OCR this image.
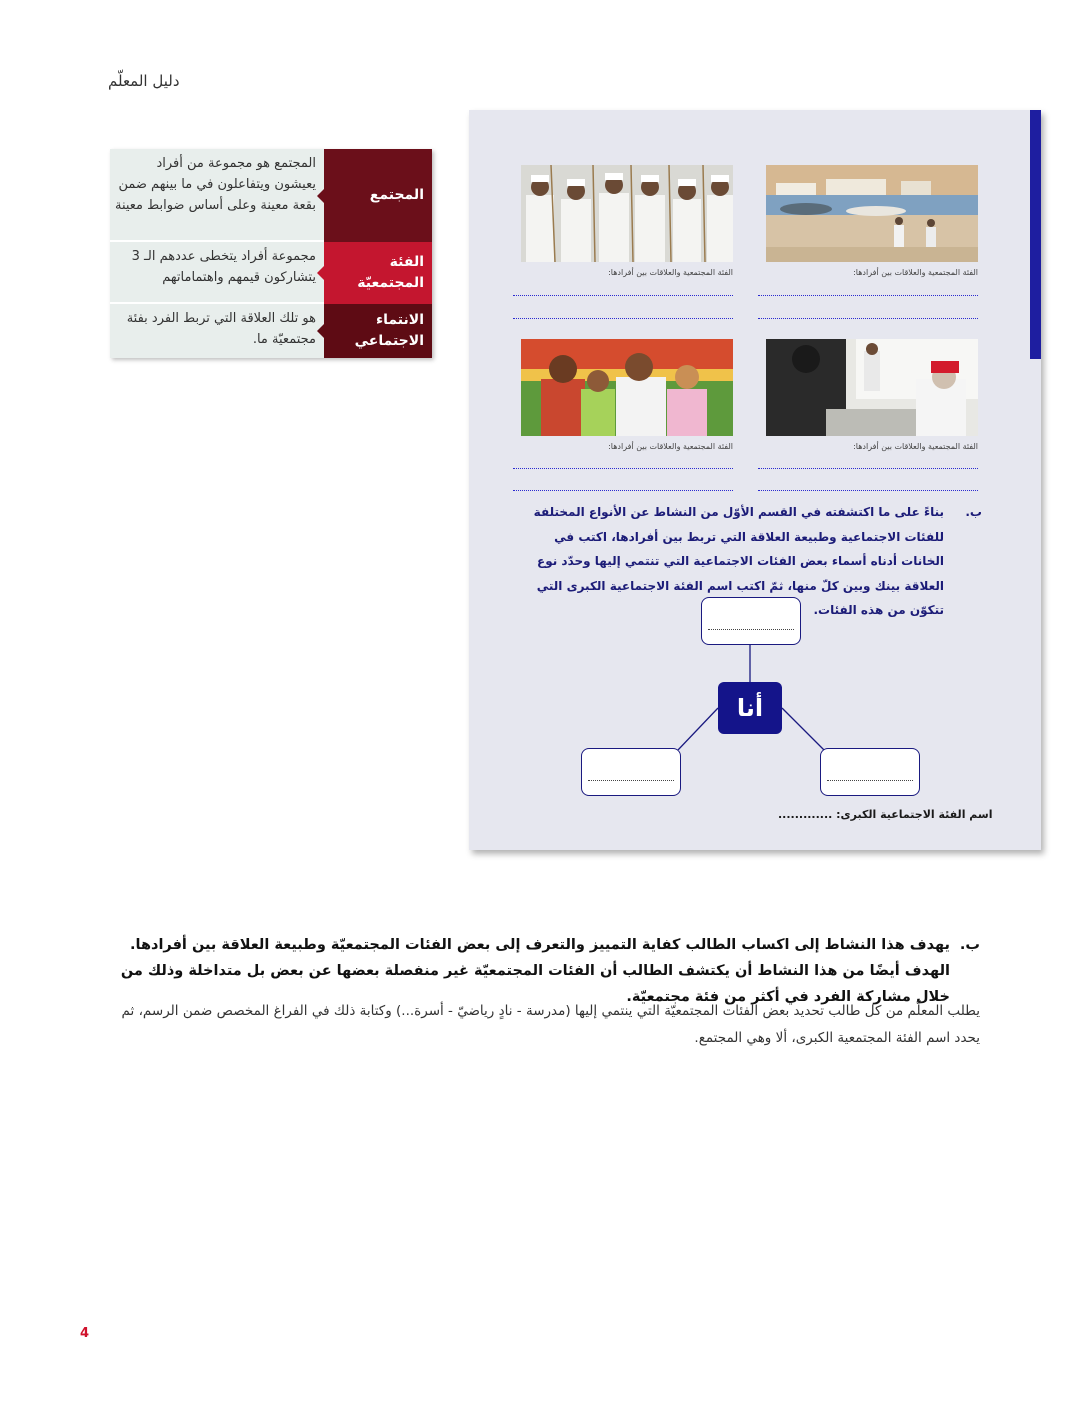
دليل المعلّم
المجتمع
المجتمع هو مجموعة من أفراد يعيشون ويتفاعلون في ما بينهم ضمن بقعة معينة وعلى أساس ضوابط معينة
الفئة المجتمعيّة
مجموعة أفراد يتخطى عددهم الـ 3 يتشاركون قيمهم واهتماماتهم
الانتماء الاجتماعي
هو تلك العلاقة التي تربط الفرد بفئة مجتمعيّة ما.
الفئة المجتمعية والعلاقات بين أفرادها:
الفئة المجتمعية والعلاقات بين أفرادها:
الفئة المجتمعية والعلاقات بين أفرادها:
الفئة المجتمعية والعلاقات بين أفرادها:
ب.
بناءً على ما اكتشفته في القسم الأوّل من النشاط عن الأنواع المختلفة للفئات الاجتماعية وطبيعة العلاقة التي تربط بين أفرادها، اكتب في الخانات أدناه أسماء بعض الفئات الاجتماعية التي تنتمي إليها وحدّد نوع العلاقة بينك وبين كلّ منها، ثمّ اكتب اسم الفئة الاجتماعية الكبرى التي تتكوّن من هذه الفئات.
أنا
اسم الفئة الاجتماعية الكبرى: .............
ب.
يهدف هذا النشاط إلى اكساب الطالب كفاية التمييز والتعرف إلى بعض الفئات المجتمعيّة وطبيعة العلاقة بين أفرادها. الهدف أيضًا من هذا النشاط أن يكتشف الطالب أن الفئات المجتمعيّة غير منفصلة بعضها عن بعض بل متداخلة وذلك من خلال مشاركة الفرد في أكثر من فئة مجتمعيّة.
يطلب المعلّم من كل طالب تحديد بعض الفئات المجتمعيّة التي ينتمي إليها (مدرسة - نادٍ رياضيّ - أسرة...) وكتابة ذلك في الفراغ المخصص ضمن الرسم، ثم يحدد اسم الفئة المجتمعية الكبرى، ألا وهي المجتمع.
4
